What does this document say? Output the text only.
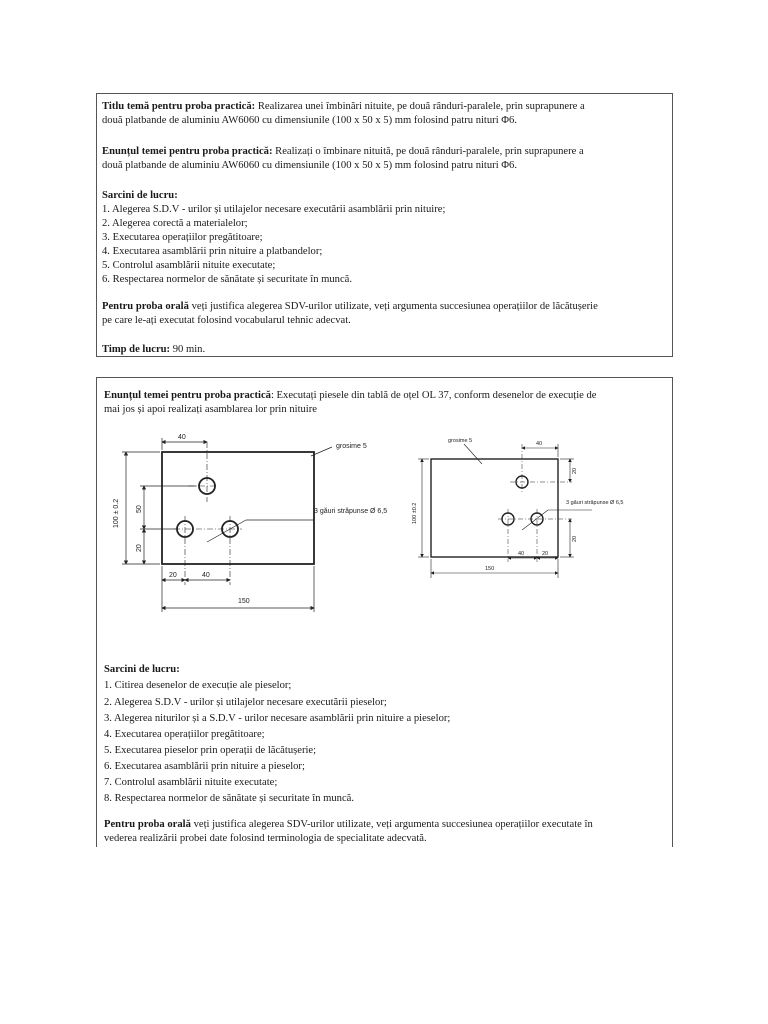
Titlu temă pentru proba practică: Realizarea unei îmbinări nituite, pe două rânduri-paralele, prin suprapunere a
două platbande de aluminiu AW6060 cu dimensiunile (100 x 50 x 5) mm folosind patru nituri Φ6.
Enunțul temei pentru proba practică: Realizați o îmbinare nituită, pe două rânduri-paralele, prin suprapunere a
două platbande de aluminiu AW6060 cu dimensiunile (100 x 50 x 5) mm folosind patru nituri Φ6.
Sarcini de lucru:
1. Alegerea S.D.V - urilor și utilajelor necesare executării asamblării prin nituire;
2. Alegerea corectă a materialelor;
3. Executarea operațiilor pregătitoare;
4. Executarea asamblării prin nituire a platbandelor;
5. Controlul asamblării nituite executate;
6. Respectarea normelor de sănătate și securitate în muncă.
Pentru proba orală veți justifica alegerea SDV-urilor utilizate, veți argumenta succesiunea operațiilor de lăcătușerie
pe care le-ați executat folosind vocabularul tehnic adecvat.
Timp de lucru: 90 min.
Enunțul temei pentru proba practică: Executați piesele din tablă de oțel OL 37, conform desenelor de execuție de
mai jos și apoi realizați asamblarea lor prin nituire
40
grosime 5
100 ± 0.2 50
20
3 găuri străpunse Ø 6,5
20	40
150
grosime 5	40
20
100 ±0.2	3 găuri străpunse Ø 6,5
20
40	20
150
Sarcini de lucru:
1. Citirea desenelor de execuție ale pieselor;
2. Alegerea S.D.V - urilor și utilajelor necesare executării pieselor;
3. Alegerea niturilor și a S.D.V - urilor necesare asamblării prin nituire a pieselor;
4. Executarea operațiilor pregătitoare;
5. Executarea pieselor prin operații de lăcătușerie;
6. Executarea asamblării prin nituire a pieselor;
7. Controlul asamblării nituite executate;
8. Respectarea normelor de sănătate și securitate în muncă.
Pentru proba orală veți justifica alegerea SDV-urilor utilizate, veți argumenta succesiunea operațiilor executate în
vederea realizării probei date folosind terminologia de specialitate adecvată.
